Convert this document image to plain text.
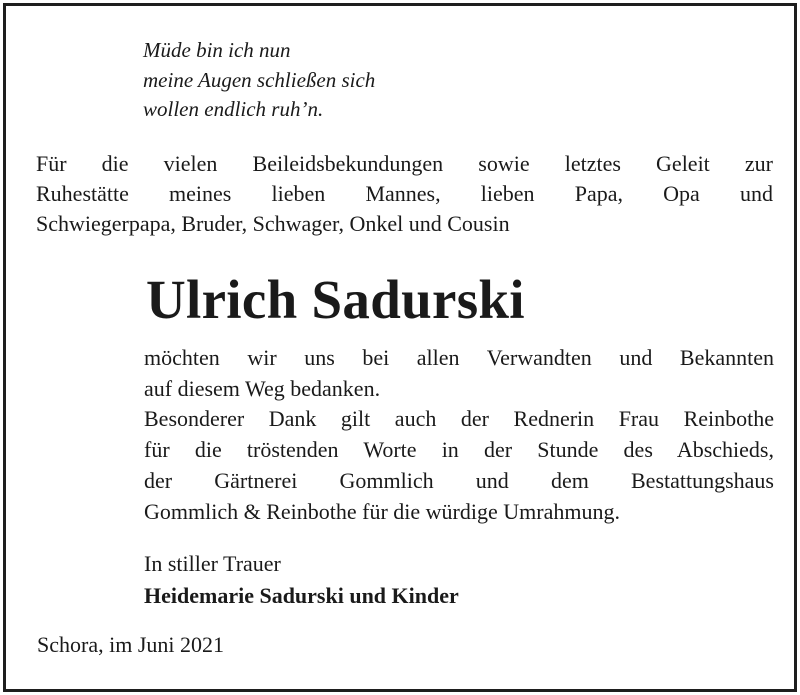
Müde bin ich nun
meine Augen schließen sich
wollen endlich ruh’n.
Für die vielen Beileidsbekundungen sowie letztes Geleit zur
Ruhestätte meines lieben Mannes, lieben Papa, Opa und
Schwiegerpapa, Bruder, Schwager, Onkel und Cousin
Ulrich Sadurski
möchten wir uns bei allen Verwandten und Bekannten
auf diesem Weg bedanken.
Besonderer Dank gilt auch der Rednerin Frau Reinbothe
für die tröstenden Worte in der Stunde des Abschieds,
der Gärtnerei Gommlich und dem Bestattungshaus
Gommlich & Reinbothe für die würdige Umrahmung.
In stiller Trauer
Heidemarie Sadurski und Kinder
Schora, im Juni 2021
